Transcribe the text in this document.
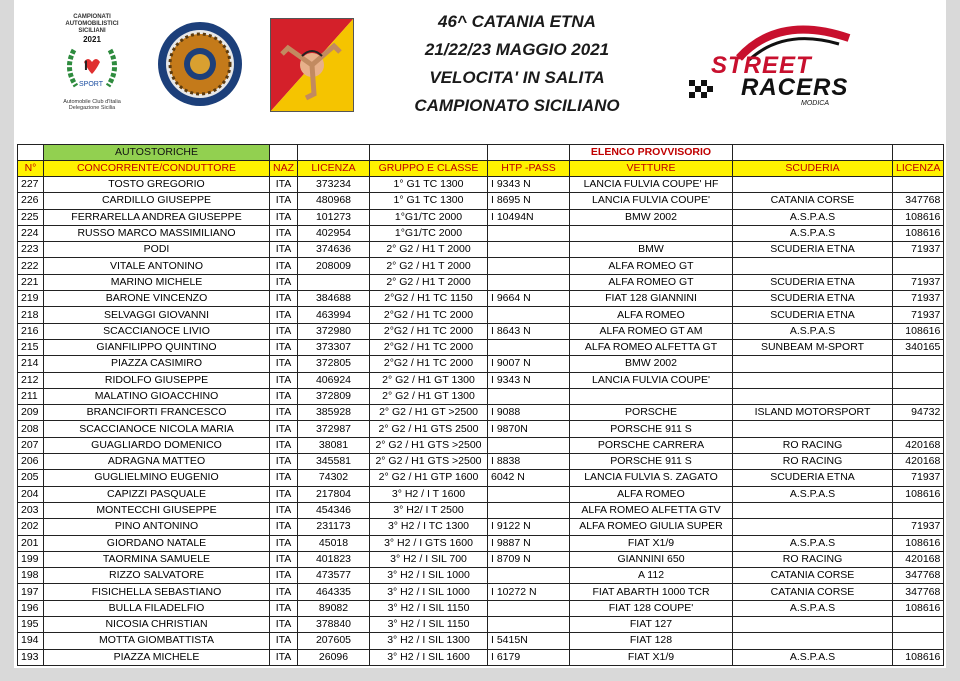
CAMPIONATI AUTOMOBILISTICI SICILIANI
2021
I
SPORT
Automobile Club d'Italia Delegazione Sicilia
46^ CATANIA ETNA
21/22/23 MAGGIO 2021
VELOCITA' IN SALITA
CAMPIONATO SICILIANO
STREET
RACERS
MODICA
	AUTOSTORICHE					ELENCO PROVVISORIO		
N°	CONCORRENTE/CONDUTTORE	NAZ	LICENZA	GRUPPO E CLASSE	HTP -PASS	VETTURE	SCUDERIA	LICENZA
227	TOSTO GREGORIO	ITA	373234	1° G1 TC 1300	I 9343 N	LANCIA FULVIA COUPE' HF		
226	CARDILLO GIUSEPPE	ITA	480968	1° G1 TC 1300	I 8695 N	LANCIA FULVIA COUPE'	CATANIA CORSE	347768
225	FERRARELLA ANDREA GIUSEPPE	ITA	101273	1°G1/TC 2000	I 10494N	BMW 2002	A.S.P.A.S	108616
224	RUSSO MARCO MASSIMILIANO	ITA	402954	1°G1/TC 2000			A.S.P.A.S	108616
223	PODI	ITA	374636	2° G2 / H1 T 2000		BMW	SCUDERIA ETNA	71937
222	VITALE ANTONINO	ITA	208009	2° G2 / H1 T 2000		ALFA ROMEO GT		
221	MARINO MICHELE	ITA		2° G2 / H1 T 2000		ALFA ROMEO GT	SCUDERIA ETNA	71937
219	BARONE VINCENZO	ITA	384688	2°G2 / H1 TC 1150	I 9664 N	FIAT 128 GIANNINI	SCUDERIA ETNA	71937
218	SELVAGGI GIOVANNI	ITA	463994	2°G2 / H1 TC 2000		ALFA ROMEO	SCUDERIA ETNA	71937
216	SCACCIANOCE LIVIO	ITA	372980	2°G2 / H1 TC 2000	I 8643 N	ALFA ROMEO GT AM	A.S.P.A.S	108616
215	GIANFILIPPO QUINTINO	ITA	373307	2°G2 / H1 TC 2000		ALFA ROMEO ALFETTA GT	SUNBEAM M-SPORT	340165
214	PIAZZA CASIMIRO	ITA	372805	2°G2 / H1 TC 2000	I 9007 N	BMW 2002		
212	RIDOLFO GIUSEPPE	ITA	406924	2° G2 / H1 GT 1300	I 9343 N	LANCIA FULVIA COUPE'		
211	MALATINO GIOACCHINO	ITA	372809	2° G2 / H1 GT 1300				
209	BRANCIFORTI FRANCESCO	ITA	385928	2° G2 / H1 GT >2500	I 9088	PORSCHE	ISLAND MOTORSPORT	94732
208	SCACCIANOCE NICOLA MARIA	ITA	372987	2° G2 / H1 GTS 2500	I 9870N	PORSCHE 911 S		
207	GUAGLIARDO DOMENICO	ITA	38081	2° G2 / H1 GTS >2500		PORSCHE CARRERA	RO RACING	420168
206	ADRAGNA MATTEO	ITA	345581	2° G2 / H1 GTS >2500	I 8838	PORSCHE 911 S	RO RACING	420168
205	GUGLIELMINO EUGENIO	ITA	74302	2° G2 / H1 GTP 1600	6042 N	LANCIA FULVIA S. ZAGATO	SCUDERIA ETNA	71937
204	CAPIZZI PASQUALE	ITA	217804	3° H2 / I T 1600		ALFA ROMEO	A.S.P.A.S	108616
203	MONTECCHI GIUSEPPE	ITA	454346	3° H2/ I T 2500		ALFA ROMEO ALFETTA GTV		
202	PINO ANTONINO	ITA	231173	3° H2 / I TC 1300	I 9122 N	ALFA ROMEO GIULIA SUPER		71937
201	GIORDANO NATALE	ITA	45018	3° H2 / I GTS 1600	I 9887 N	FIAT X1/9	A.S.P.A.S	108616
199	TAORMINA SAMUELE	ITA	401823	3° H2 / I SIL 700	I 8709 N	GIANNINI 650	RO RACING	420168
198	RIZZO SALVATORE	ITA	473577	3° H2 / I SIL 1000		A 112	CATANIA CORSE	347768
197	FISICHELLA SEBASTIANO	ITA	464335	3° H2 / I SIL 1000	I 10272 N	FIAT ABARTH 1000 TCR	CATANIA CORSE	347768
196	BULLA FILADELFIO	ITA	89082	3° H2 / I SIL 1150		FIAT 128 COUPE'	A.S.P.A.S	108616
195	NICOSIA CHRISTIAN	ITA	378840	3° H2 / I SIL 1150		FIAT 127		
194	MOTTA GIOMBATTISTA	ITA	207605	3° H2 / I SIL 1300	I 5415N	FIAT 128		
193	PIAZZA MICHELE	ITA	26096	3° H2 / I SIL 1600	I 6179	FIAT X1/9	A.S.P.A.S	108616
